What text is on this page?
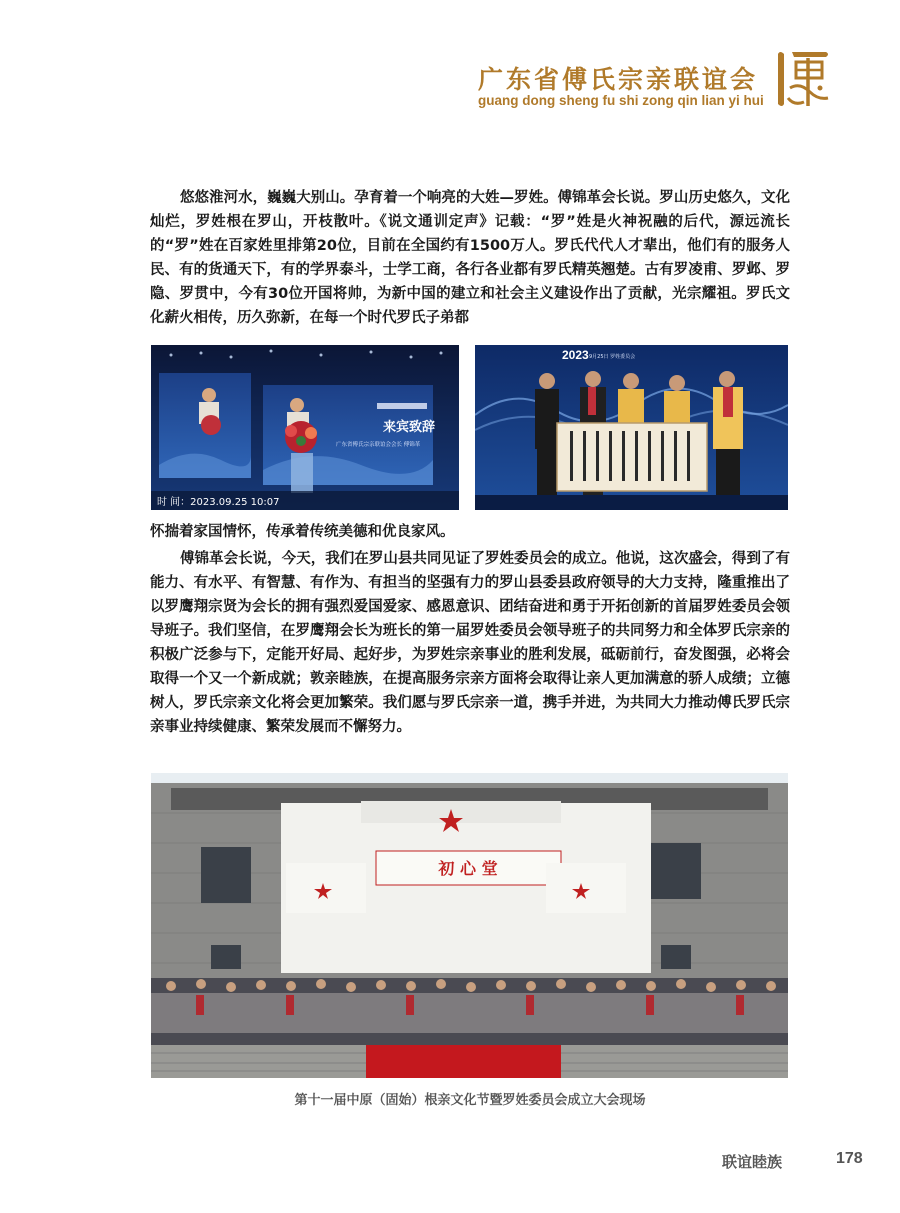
广东省傅氏宗亲联谊会
guang dong sheng fu shi zong qin lian yi hui

悠悠淮河水，巍巍大别山。孕育着一个响亮的大姓—罗姓。傅锦革会长说。罗山历史悠久，文化灿烂，罗姓根在罗山，开枝散叶。《说文通训定声》记载：“罗”姓是火神祝融的后代，源远流长的“罗”姓在百家姓里排第20位，目前在全国约有1500万人。罗氏代代人才辈出，他们有的服务人民、有的货通天下，有的学界泰斗，士学工商，各行各业都有罗氏精英翘楚。古有罗凌甫、罗邺、罗隐、罗贯中，今有30位开国将帅，为新中国的建立和社会主义建设作出了贡献，光宗耀祖。罗氏文化薪火相传，历久弥新，在每一个时代罗氏子弟都

来宾致辞
广东省傅氏宗亲联谊会会长 傅锦革
时 间：2023.09.25 10:07
2023 9月25日 罗姓委员会

怀揣着家国情怀，传承着传统美德和优良家风。

傅锦革会长说，今天，我们在罗山县共同见证了罗姓委员会的成立。他说，这次盛会，得到了有能力、有水平、有智慧、有作为、有担当的坚强有力的罗山县委县政府领导的大力支持，隆重推出了以罗鹰翔宗贤为会长的拥有强烈爱国爱家、感恩意识、团结奋进和勇于开拓创新的首届罗姓委员会领导班子。我们坚信，在罗鹰翔会长为班长的第一届罗姓委员会领导班子的共同努力和全体罗氏宗亲的积极广泛参与下，定能开好局、起好步，为罗姓宗亲事业的胜利发展，砥砺前行，奋发图强，必将会取得一个又一个新成就；敦亲睦族，在提高服务宗亲方面将会取得让亲人更加满意的骄人成绩；立德树人，罗氏宗亲文化将会更加繁荣。我们愿与罗氏宗亲一道，携手并进，为共同大力推动傅氏罗氏宗亲事业持续健康、繁荣发展而不懈努力。

初 心 堂
第十一届中原（固始）根亲文化节暨罗姓委员会成立大会现场
联谊睦族	178
